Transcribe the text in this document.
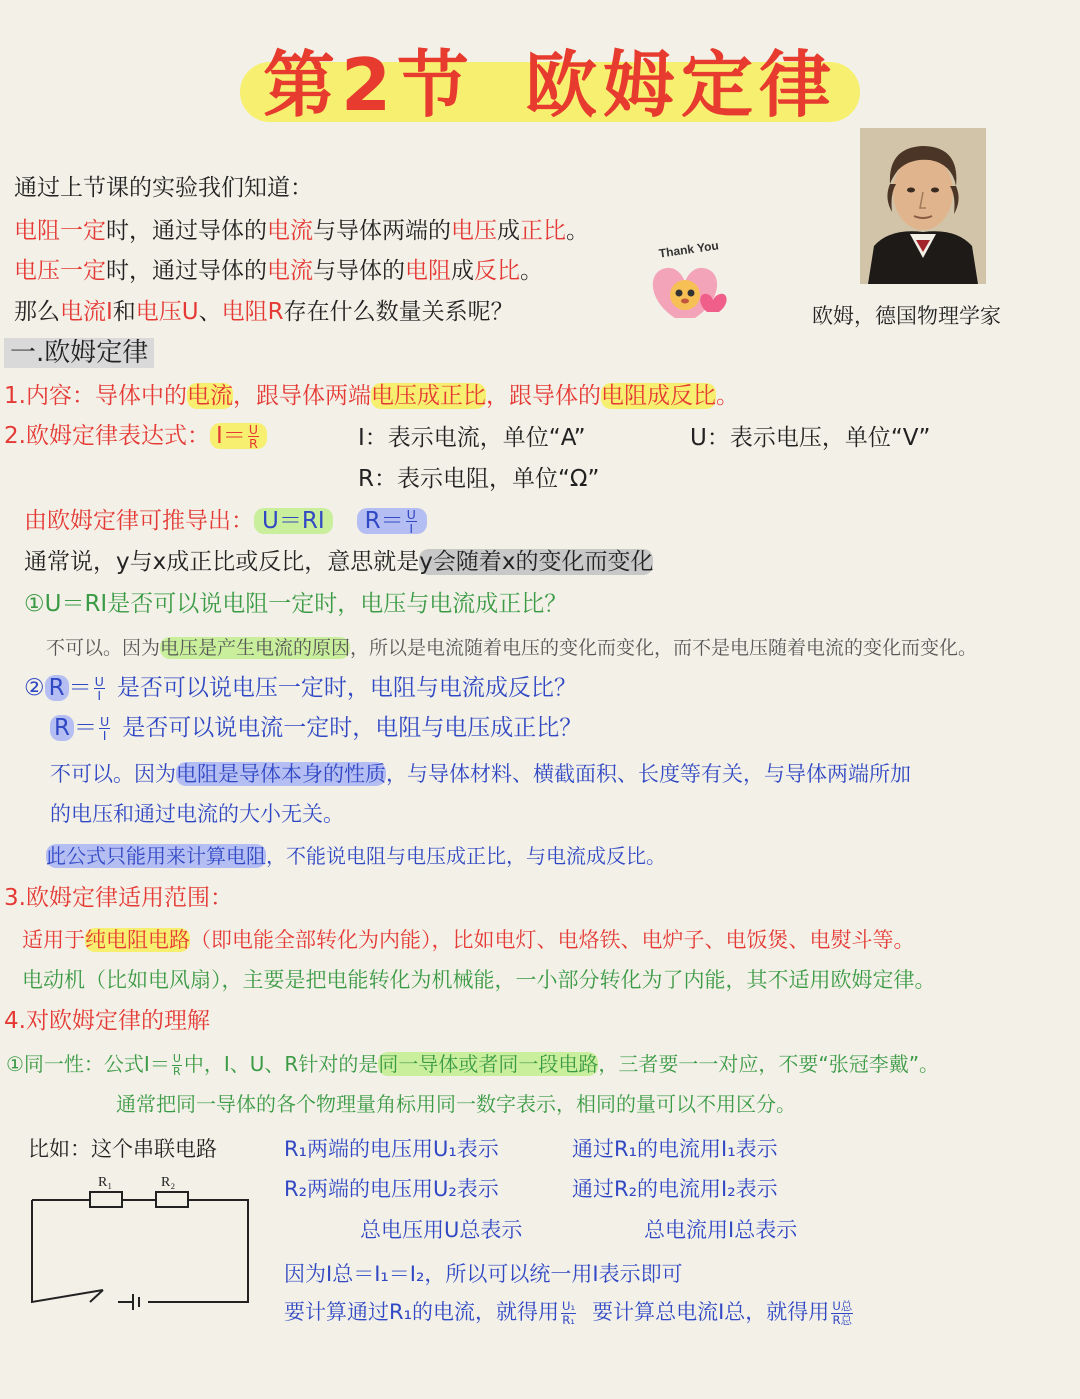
第2节 欧姆定律
Thank You
通过上节课的实验我们知道：
电阻一定时，通过导体的电流与导体两端的电压成正比。
电压一定时，通过导体的电流与导体的电阻成反比。
那么电流I和电压U、电阻R存在什么数量关系呢？	欧姆，德国物理学家
一.欧姆定律
1.内容：导体中的电流，跟导体两端电压成正比，跟导体的电阻成反比。
2.欧姆定律表达式： $I= \frac{U}{R}$	I：表示电流，单位“A”	U：表示电压，单位“V”
R：表示电阻，单位“Ω”
由欧姆定律可推导出： U＝RI $R= \frac{U}{I}$
通常说，y与x成正比或反比，意思就是y会随着x的变化而变化
①U＝RI是否可以说电阻一定时，电压与电流成正比？
不可以。因为电压是产生电流的原因，所以是电流随着电压的变化而变化，而不是电压随着电流的变化而变化。
② $R = \frac{U}{I}$ 是否可以说电压一定时，电阻与电流成反比？
$R = \frac{U}{I}$ 是否可以说电流一定时，电阻与电压成正比？
不可以。因为电阻是导体本身的性质，与导体材料、横截面积、长度等有关，与导体两端所加
的电压和通过电流的大小无关。
此公式只能用来计算电阻，不能说电阻与电压成正比，与电流成反比。
3.欧姆定律适用范围：
适用于纯电阻电路（即电能全部转化为内能），比如电灯、电烙铁、电炉子、电饭煲、电熨斗等。
电动机（比如电风扇），主要是把电能转化为机械能，一小部分转化为了内能，其不适用欧姆定律。
4.对欧姆定律的理解
①同一性：公式$I= \frac{U}{R}$ 中，I、U、R针对的是同一导体或者同一段电路，三者要一一对应，不要“张冠李戴”。
通常把同一导体的各个物理量角标用同一数字表示，相同的量可以不用区分。
比如：这个串联电路
R₁	R₂
R₁两端的电压用U₁表示	通过R₁的电流用I₁表示
R₂两端的电压用U₂表示	通过R₂的电流用I₂表示
总电压用U总表示	总电流用I总表示
因为I总＝I₁＝I₂，所以可以统一用I表示即可
要计算通过R₁的电流，就得用 $\frac{\text{U₁}}{\text{R₁}}$ 要计算总电流I总，就得用 $\frac{\text{U总}}{\text{R总}}$
